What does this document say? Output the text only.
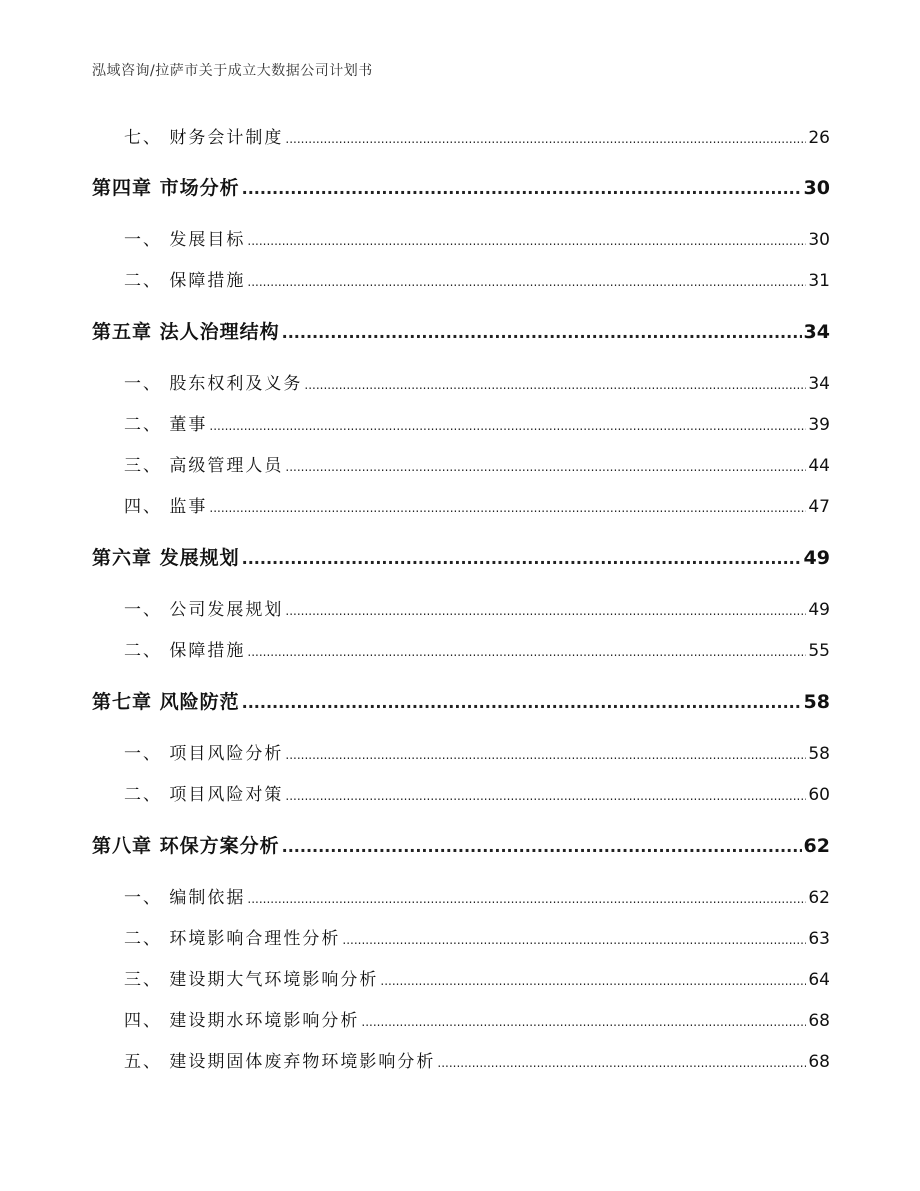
泓域咨询/拉萨市关于成立大数据公司计划书
七、 财务会计制度 .....	26
第四章 市场分析 .....	30
一、 发展目标 .....	30
二、 保障措施 .....	31
第五章 法人治理结构 .....	34
一、 股东权利及义务 .....	34
二、 董事 .....	39
三、 高级管理人员 .....	44
四、 监事 .....	47
第六章 发展规划 .....	49
一、 公司发展规划 .....	49
二、 保障措施 .....	55
第七章 风险防范 .....	58
一、 项目风险分析 .....	58
二、 项目风险对策 .....	60
第八章 环保方案分析 .....	62
一、 编制依据 .....	62
二、 环境影响合理性分析 .....	63
三、 建设期大气环境影响分析 .....	64
四、 建设期水环境影响分析 .....	68
五、 建设期固体废弃物环境影响分析 .....	68
